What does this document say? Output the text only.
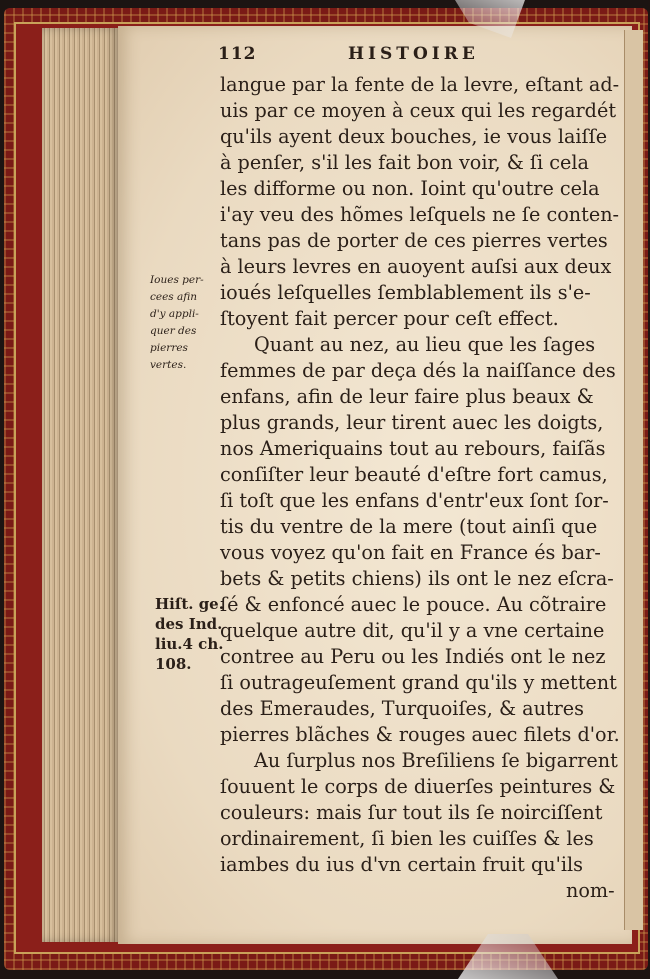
112	HISTOIRE
langue par la fente de la levre, eſtant ad-
uis par ce moyen à ceux qui les regardét
qu'ils ayent deux bouches, ie vous laiſſe
à penſer, s'il les fait bon voir, & ſi cela
les difforme ou non. Ioint qu'outre cela
i'ay veu des hõmes leſquels ne ſe conten-
tans pas de porter de ces pierres vertes
à leurs levres en auoyent auſsi aux deux
ioués leſquelles ſemblablement ils s'e-
ſtoyent fait percer pour ceſt effect.
Quant au nez, au lieu que les ſages
femmes de par deça dés la naiſſance des
enfans, afin de leur faire plus beaux &
plus grands, leur tirent auec les doigts,
nos Ameriquains tout au rebours, faiſãs
conſiſter leur beauté d'eſtre fort camus,
ſi toſt que les enfans d'entr'eux ſont ſor-
tis du ventre de la mere (tout ainſi que
vous voyez qu'on fait en France és bar-
bets & petits chiens) ils ont le nez eſcra-
ſé & enfoncé auec le pouce. Au cõtraire
quelque autre dit, qu'il y a vne certaine
contree au Peru ou les Indiés ont le nez
ſi outrageuſement grand qu'ils y mettent
des Emeraudes, Turquoiſes, & autres
pierres blãches & rouges auec filets d'or.
Au ſurplus nos Breſiliens ſe bigarrent
ſouuent le corps de diuerſes peintures &
couleurs: mais ſur tout ils ſe noirciſſent
ordinairement, ſi bien les cuiſſes & les
iambes du ius d'vn certain fruit qu'ils
nom-
Ioues per-
cees afin
d'y appli-
quer des
pierres
vertes.
Hiſt. ge.
des Ind.
liu.4 ch.
108.
